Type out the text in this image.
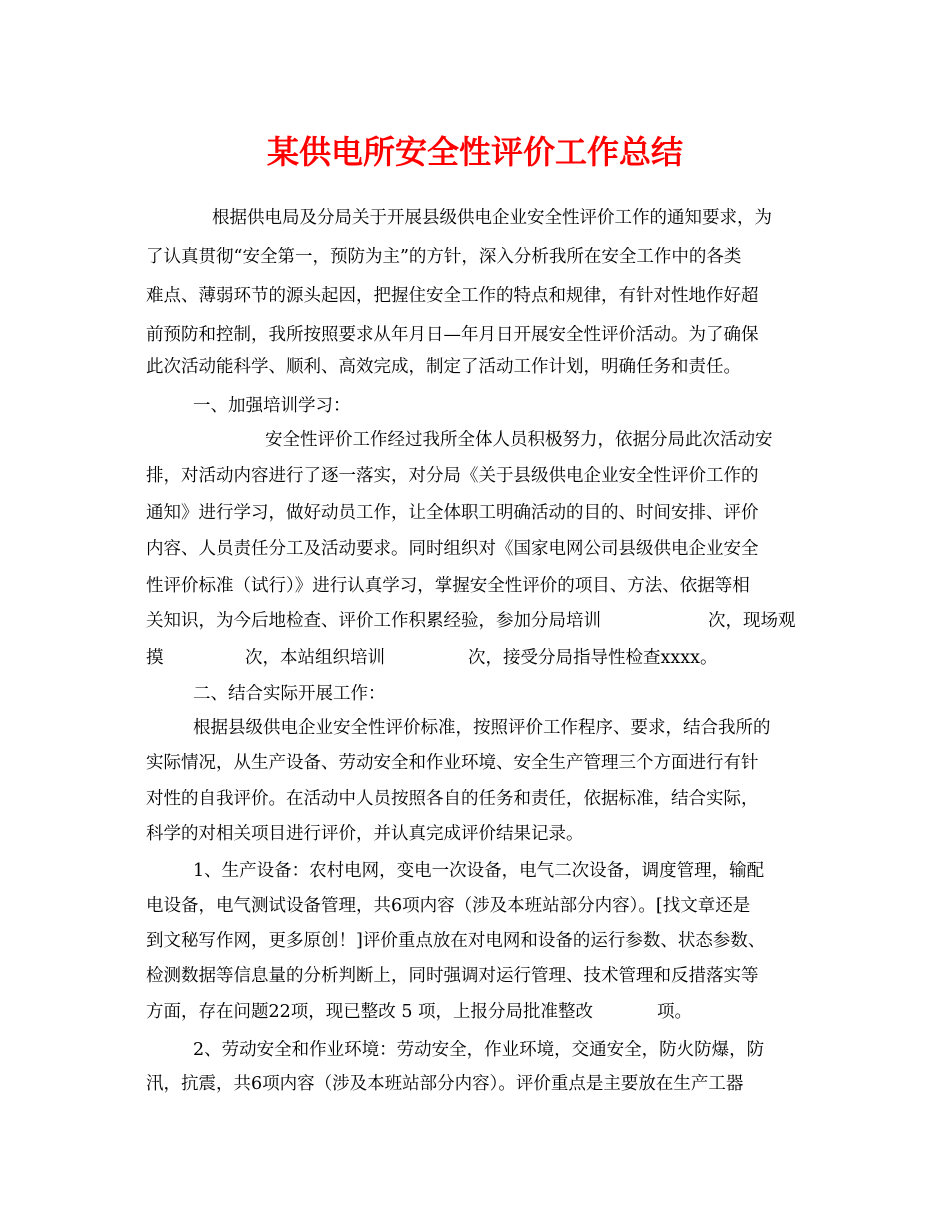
某供电所安全性评价工作总结

根据供电局及分局关于开展县级供电企业安全性评价工作的通知要求，为

了认真贯彻“安全第一，预防为主”的方针，深入分析我所在安全工作中的各类

难点、薄弱环节的源头起因，把握住安全工作的特点和规律，有针对性地作好超

前预防和控制，我所按照要求从年月日—年月日开展安全性评价活动。为了确保

此次活动能科学、顺利、高效完成，制定了活动工作计划，明确任务和责任。

一、加强培训学习：

安全性评价工作经过我所全体人员积极努力，依据分局此次活动安

排，对活动内容进行了逐一落实，对分局《关于县级供电企业安全性评价工作的

通知》进行学习，做好动员工作，让全体职工明确活动的目的、时间安排、评价

内容、人员责任分工及活动要求。同时组织对《国家电网公司县级供电企业安全

性评价标准（试行）》进行认真学习，掌握安全性评价的项目、方法、依据等相

关知识，为今后地检查、评价工作积累经验，参加分局培训	次，现场观

摸	次，本站组织培训	次，接受分局指导性检查xxxx。

二、结合实际开展工作：

根据县级供电企业安全性评价标准，按照评价工作程序、要求，结合我所的

实际情况，从生产设备、劳动安全和作业环境、安全生产管理三个方面进行有针

对性的自我评价。在活动中人员按照各自的任务和责任，依据标准，结合实际，

科学的对相关项目进行评价，并认真完成评价结果记录。

1、生产设备：农村电网，变电一次设备，电气二次设备，调度管理，输配

电设备，电气测试设备管理，共6项内容（涉及本班站部分内容）。[找文章还是

到文秘写作网，更多原创！]评价重点放在对电网和设备的运行参数、状态参数、

检测数据等信息量的分析判断上，同时强调对运行管理、技术管理和反措落实等

方面，存在问题22项，现已整改 5 项，上报分局批准整改	项。

2、劳动安全和作业环境：劳动安全，作业环境，交通安全，防火防爆，防

汛，抗震，共6项内容（涉及本班站部分内容）。评价重点是主要放在生产工器
